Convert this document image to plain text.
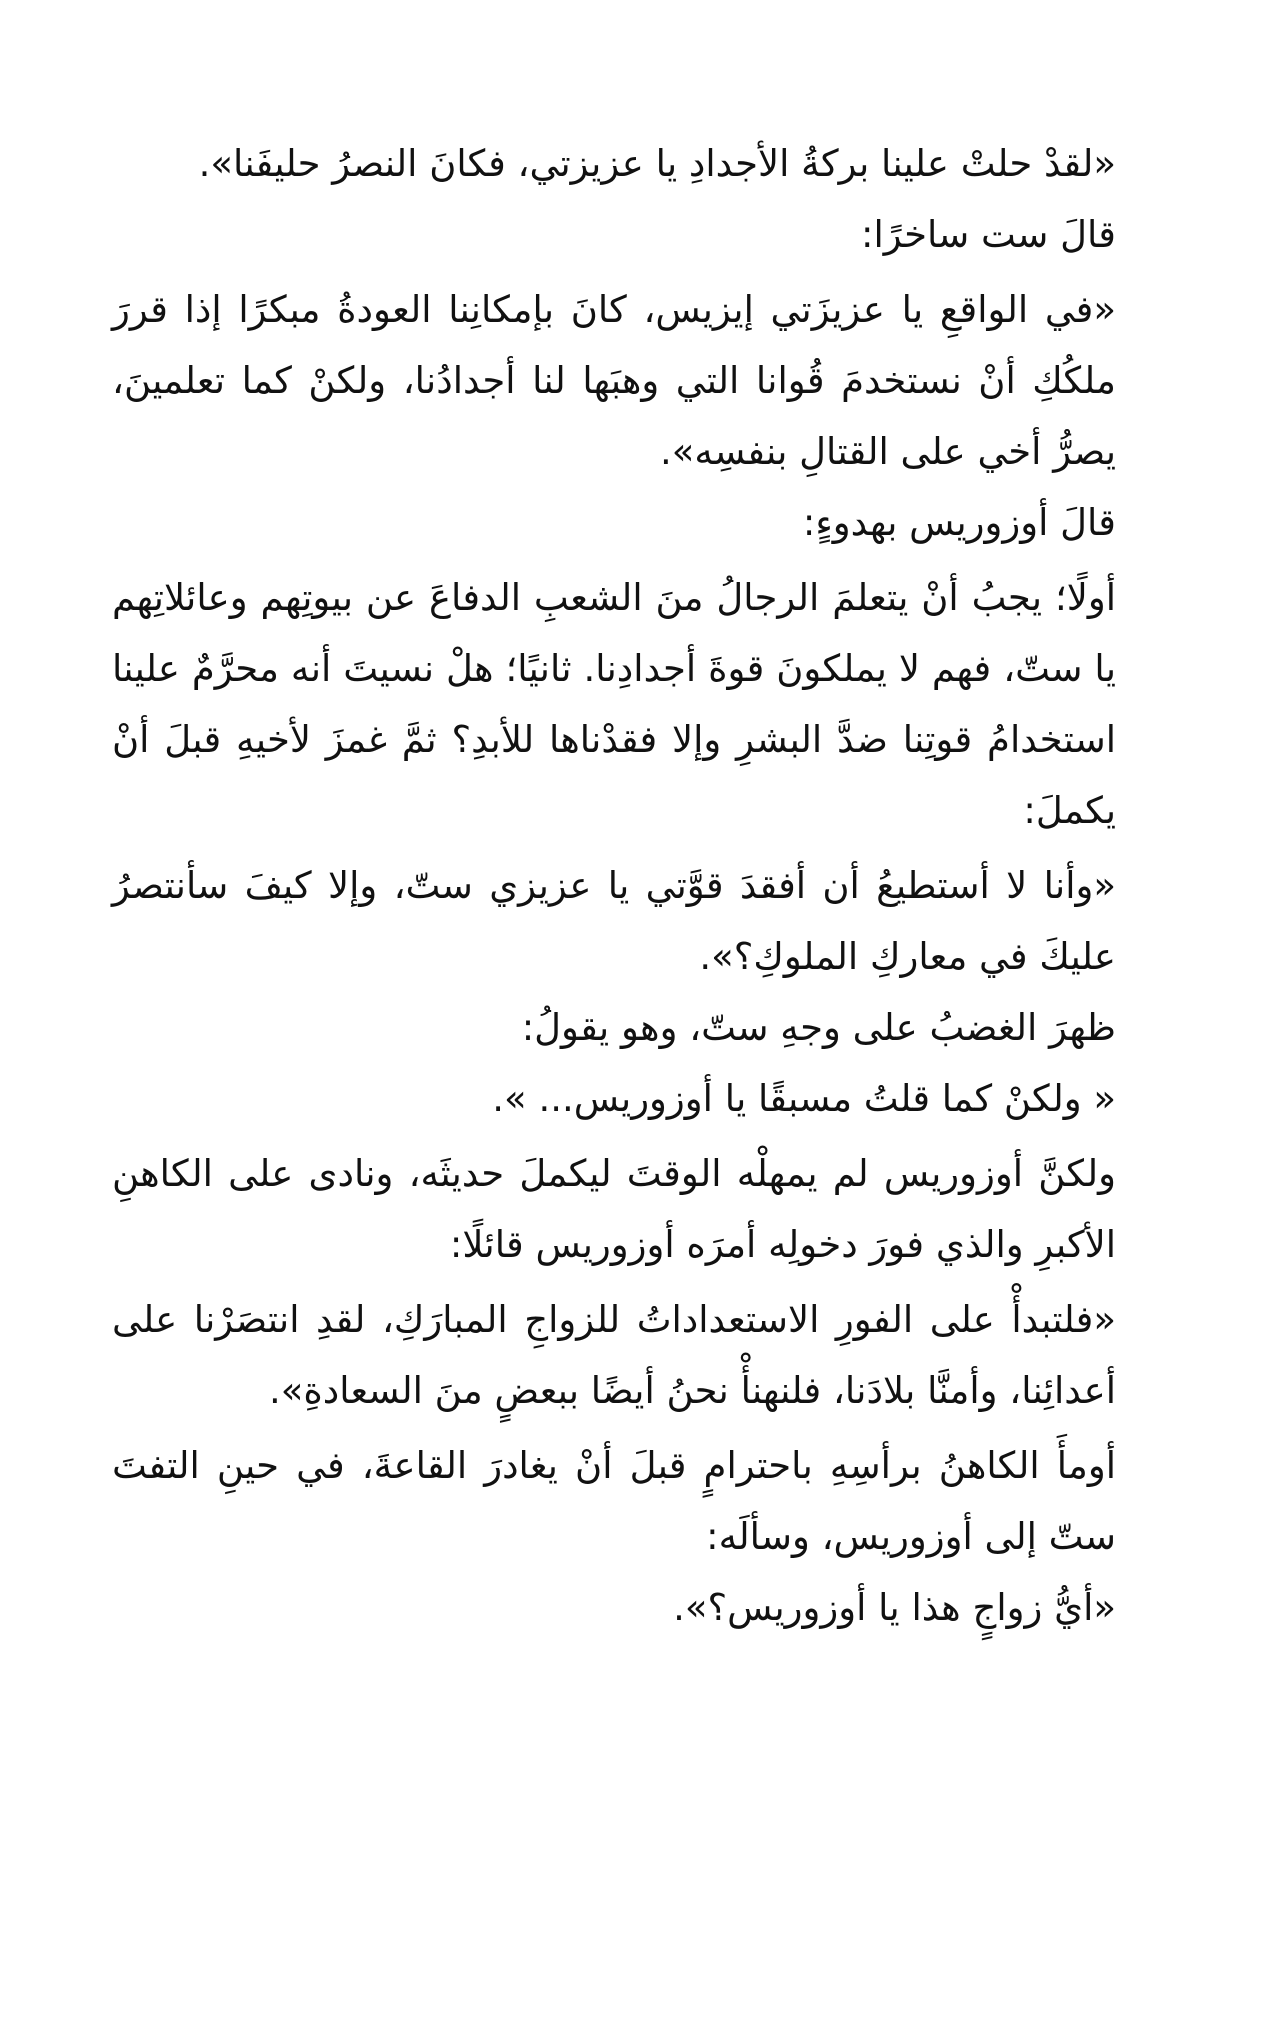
«لقدْ حلتْ علينا بركةُ الأجدادِ يا عزيزتي، فكانَ النصرُ حليفَنا».

قالَ ست ساخرًا:

«في الواقعِ يا عزيزَتي إيزيس، كانَ بإمكانِنا العودةُ مبكرًا إذا قررَ ملكُكِ أنْ نستخدمَ قُوانا التي وهبَها لنا أجدادُنا، ولكنْ كما تعلمينَ، يصرُّ أخي على القتالِ بنفسِه».

قالَ أوزوريس بهدوءٍ:

أولًا؛ يجبُ أنْ يتعلمَ الرجالُ منَ الشعبِ الدفاعَ عن بيوتِهم وعائلاتِهم يا ستّ، فهم لا يملكونَ قوةَ أجدادِنا. ثانيًا؛ هلْ نسيتَ أنه محرَّمٌ علينا استخدامُ قوتِنا ضدَّ البشرِ وإلا فقدْناها للأبدِ؟ ثمَّ غمزَ لأخيهِ قبلَ أنْ يكملَ:

«وأنا لا أستطيعُ أن أفقدَ قوَّتي يا عزيزي ستّ، وإلا كيفَ سأنتصرُ عليكَ في معاركِ الملوكِ؟».

ظهرَ الغضبُ على وجهِ ستّ، وهو يقولُ:

« ولكنْ كما قلتُ مسبقًا يا أوزوريس... ».

ولكنَّ أوزوريس لم يمهلْه الوقتَ ليكملَ حديثَه، ونادى على الكاهنِ الأكبرِ والذي فورَ دخولِه أمرَه أوزوريس قائلًا:

«فلتبدأْ على الفورِ الاستعداداتُ للزواجِ المبارَكِ، لقدِ انتصَرْنا على أعدائِنا، وأمنَّا بلادَنا، فلنهنأْ نحنُ أيضًا ببعضٍ منَ السعادةِ».

أومأَ الكاهنُ برأسِهِ باحترامٍ قبلَ أنْ يغادرَ القاعةَ، في حينِ التفتَ ستّ إلى أوزوريس، وسألَه:

«أيُّ زواجٍ هذا يا أوزوريس؟».
